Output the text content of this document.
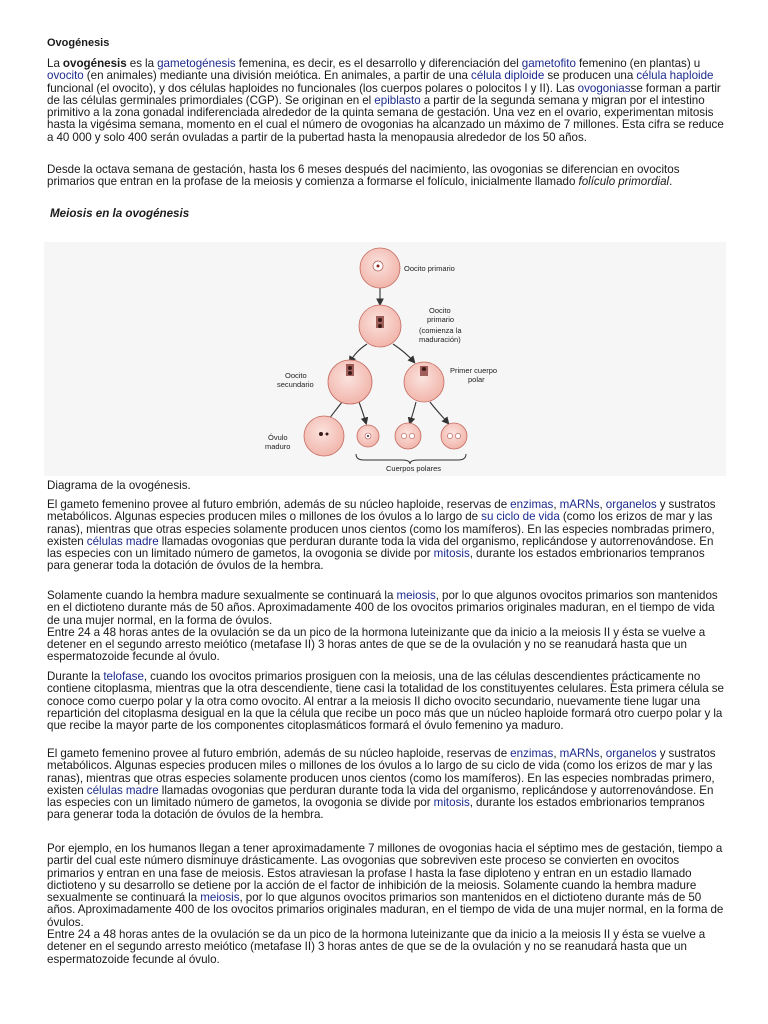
Ovogénesis

La ovogénesis es la gametogénesis femenina, es decir, es el desarrollo y diferenciación del gametofito femenino (en plantas) u ovocito (en animales) mediante una división meiótica. En animales, a partir de una célula diploide se producen una célula haploide funcional (el ovocito), y dos células haploides no funcionales (los cuerpos polares o polocitos I y II). Las ovogoniasse forman a partir de las células germinales primordiales (CGP). Se originan en el epiblasto a partir de la segunda semana y migran por el intestino primitivo a la zona gonadal indiferenciada alrededor de la quinta semana de gestación. Una vez en el ovario, experimentan mitosis hasta la vigésima semana, momento en el cual el número de ovogonias ha alcanzado un máximo de 7 millones. Esta cifra se reduce a 40 000 y solo 400 serán ovuladas a partir de la pubertad hasta la menopausia alrededor de los 50 años.

Desde la octava semana de gestación, hasta los 6 meses después del nacimiento, las ovogonias se diferencian en ovocitos primarios que entran en la profase de la meiosis y comienza a formarse el folículo, inicialmente llamado folículo primordial.

Meiosis en la ovogénesis
Oocito primario
Oocito
primario
(comienza la
maduración)
Oocito
secundario
Primer cuerpo
polar
Óvulo
maduro
Cuerpos polares
Diagrama de la ovogénesis.

El gameto femenino provee al futuro embrión, además de su núcleo haploide, reservas de enzimas, mARNs, organelos y sustratos metabólicos. Algunas especies producen miles o millones de los óvulos a lo largo de su ciclo de vida (como los erizos de mar y las ranas), mientras que otras especies solamente producen unos cientos (como los mamíferos). En las especies nombradas primero, existen células madre llamadas ovogonias que perduran durante toda la vida del organismo, replicándose y autorrenovándose. En las especies con un limitado número de gametos, la ovogonia se divide por mitosis, durante los estados embrionarios tempranos para generar toda la dotación de óvulos de la hembra.

Solamente cuando la hembra madure sexualmente se continuará la meiosis, por lo que algunos ovocitos primarios son mantenidos en el dictioteno durante más de 50 años. Aproximadamente 400 de los ovocitos primarios originales maduran, en el tiempo de vida de una mujer normal, en la forma de óvulos.
Entre 24 a 48 horas antes de la ovulación se da un pico de la hormona luteinizante que da inicio a la meiosis II y ésta se vuelve a detener en el segundo arresto meiótico (metafase II) 3 horas antes de que se de la ovulación y no se reanudará hasta que un espermatozoide fecunde al óvulo.

Durante la telofase, cuando los ovocitos primarios prosiguen con la meiosis, una de las células descendientes prácticamente no contiene citoplasma, mientras que la otra descendiente, tiene casi la totalidad de los constituyentes celulares. Esta primera célula se conoce como cuerpo polar y la otra como ovocito. Al entrar a la meiosis II dicho ovocito secundario, nuevamente tiene lugar una repartición del citoplasma desigual en la que la célula que recibe un poco más que un núcleo haploide formará otro cuerpo polar y la que recibe la mayor parte de los componentes citoplasmáticos formará el óvulo femenino ya maduro.

El gameto femenino provee al futuro embrión, además de su núcleo haploide, reservas de enzimas, mARNs, organelos y sustratos metabólicos. Algunas especies producen miles o millones de los óvulos a lo largo de su ciclo de vida (como los erizos de mar y las ranas), mientras que otras especies solamente producen unos cientos (como los mamíferos). En las especies nombradas primero, existen células madre llamadas ovogonias que perduran durante toda la vida del organismo, replicándose y autorrenovándose. En las especies con un limitado número de gametos, la ovogonia se divide por mitosis, durante los estados embrionarios tempranos para generar toda la dotación de óvulos de la hembra.

Por ejemplo, en los humanos llegan a tener aproximadamente 7 millones de ovogonias hacia el séptimo mes de gestación, tiempo a partir del cual este número disminuye drásticamente. Las ovogonias que sobreviven este proceso se convierten en ovocitos primarios y entran en una fase de meiosis. Estos atraviesan la profase I hasta la fase diploteno y entran en un estadio llamado dictioteno y su desarrollo se detiene por la acción de el factor de inhibición de la meiosis. Solamente cuando la hembra madure sexualmente se continuará la meiosis, por lo que algunos ovocitos primarios son mantenidos en el dictioteno durante más de 50 años. Aproximadamente 400 de los ovocitos primarios originales maduran, en el tiempo de vida de una mujer normal, en la forma de óvulos.
Entre 24 a 48 horas antes de la ovulación se da un pico de la hormona luteinizante que da inicio a la meiosis II y ésta se vuelve a detener en el segundo arresto meiótico (metafase II) 3 horas antes de que se de la ovulación y no se reanudará hasta que un espermatozoide fecunde al óvulo.
